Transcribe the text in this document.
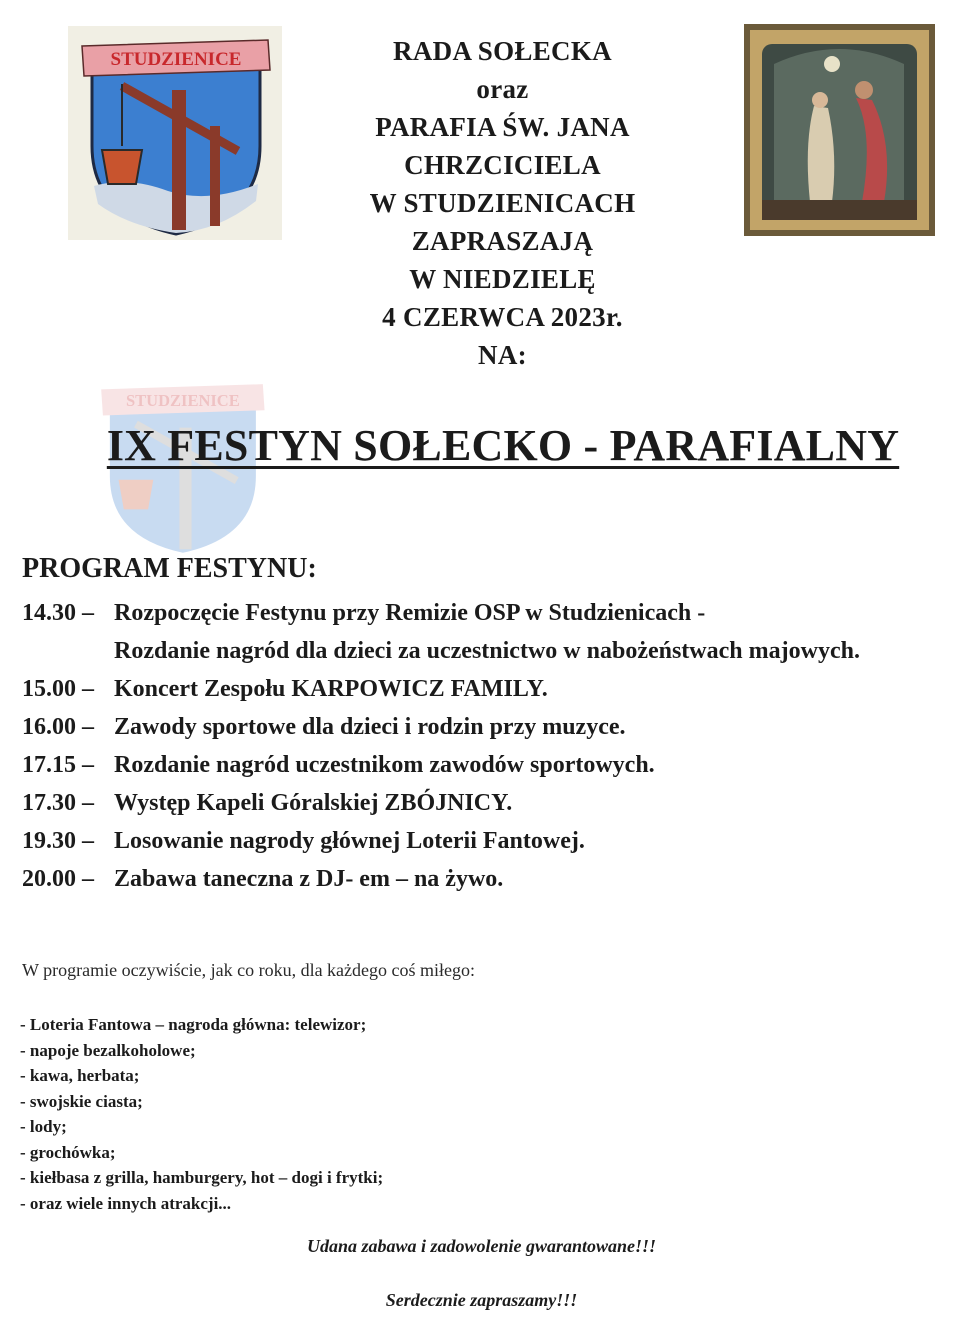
STUDZIENICE
STUDZIENICE
RADA SOŁECKA
oraz
PARAFIA ŚW. JANA
CHRZCICIELA
W STUDZIENICACH
ZAPRASZAJĄ
W NIEDZIELĘ
4 CZERWCA 2023r.
NA:
IX FESTYN SOŁECKO - PARAFIALNY
PROGRAM FESTYNU:
14.30 – Rozpoczęcie Festynu przy Remizie OSP w Studzienicach -
Rozdanie nagród dla dzieci za uczestnictwo w nabożeństwach majowych.
15.00 – Koncert Zespołu KARPOWICZ FAMILY.
16.00 – Zawody sportowe dla dzieci i rodzin przy muzyce.
17.15 – Rozdanie nagród uczestnikom zawodów sportowych.
17.30 – Występ Kapeli Góralskiej ZBÓJNICY.
19.30 – Losowanie nagrody głównej Loterii Fantowej.
20.00 – Zabawa taneczna z DJ- em – na żywo.
W programie oczywiście, jak co roku, dla każdego coś miłego:
- Loteria Fantowa – nagroda główna: telewizor;
- napoje bezalkoholowe;
- kawa, herbata;
- swojskie ciasta;
- lody;
- grochówka;
- kiełbasa z grilla, hamburgery, hot – dogi i frytki;
- oraz wiele innych atrakcji...
Udana zabawa i zadowolenie gwarantowane!!!
Serdecznie zapraszamy!!!
